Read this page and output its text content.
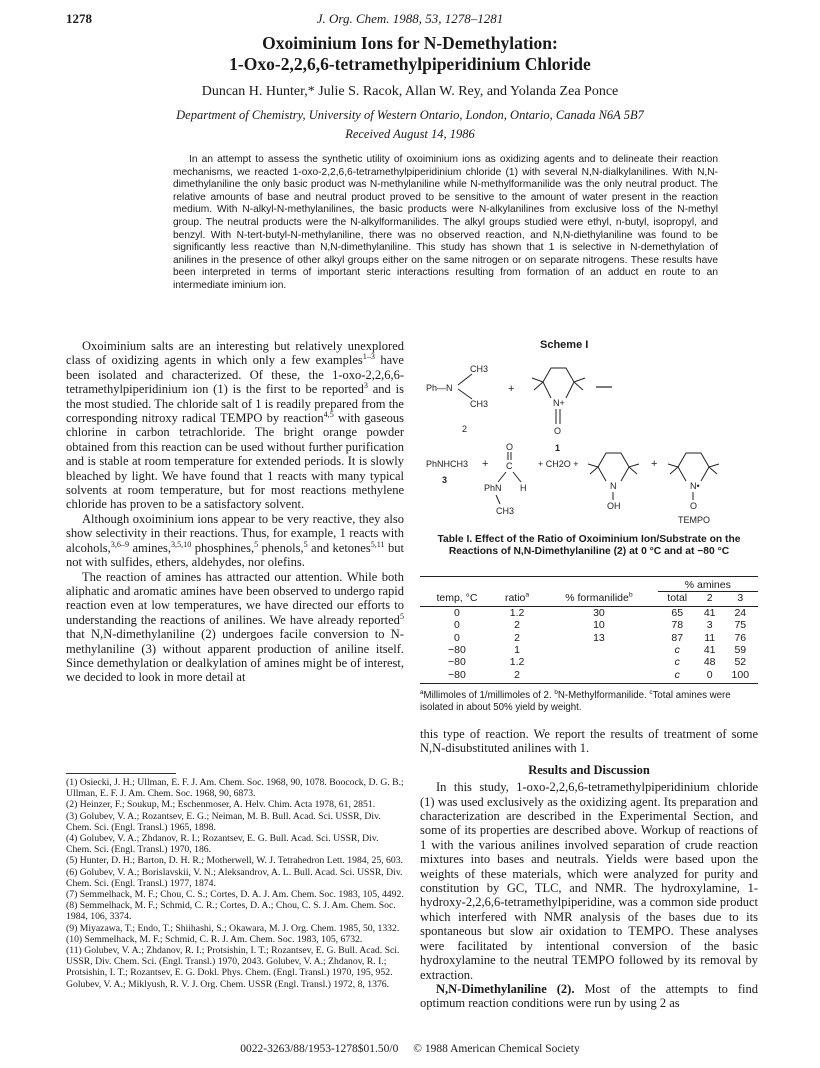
1278	J. Org. Chem. 1988, 53, 1278–1281
Oxoiminium Ions for N-Demethylation:
1-Oxo-2,2,6,6-tetramethylpiperidinium Chloride
Duncan H. Hunter,* Julie S. Racok, Allan W. Rey, and Yolanda Zea Ponce
Department of Chemistry, University of Western Ontario, London, Ontario, Canada N6A 5B7
Received August 14, 1986

In an attempt to assess the synthetic utility of oxoiminium ions as oxidizing agents and to delineate their reaction mechanisms, we reacted 1-oxo-2,2,6,6-tetramethylpiperidinium chloride (1) with several N,N-dialkylanilines. With N,N-dimethylaniline the only basic product was N-methylaniline while N-methylformanilide was the only neutral product. The relative amounts of base and neutral product proved to be sensitive to the amount of water present in the reaction medium. With N-alkyl-N-methylanilines, the basic products were N-alkylanilines from exclusive loss of the N-methyl group. The neutral products were the N-alkylformanilides. The alkyl groups studied were ethyl, n-butyl, isopropyl, and benzyl. With N-tert-butyl-N-methylaniline, there was no observed reaction, and N,N-diethylaniline was found to be significantly less reactive than N,N-dimethylaniline. This study has shown that 1 is selective in N-demethylation of anilines in the presence of other alkyl groups either on the same nitrogen or on separate nitrogens. These results have been interpreted in terms of important steric interactions resulting from formation of an adduct en route to an intermediate iminium ion.

Oxoiminium salts are an interesting but relatively unexplored class of oxidizing agents in which only a few examples$^{1-3}$ have been isolated and characterized. Of these, the 1-oxo-2,2,6,6-tetramethylpiperidinium ion (1) is the first to be reported$^3$ and is the most studied. The chloride salt of 1 is readily prepared from the corresponding nitroxy radical TEMPO by reaction$^{4,5}$ with gaseous chlorine in carbon tetrachloride. The bright orange powder obtained from this reaction can be used without further purification and is stable at room temperature for extended periods. It is slowly bleached by light. We have found that 1 reacts with many typical solvents at room temperature, but for most reactions methylene chloride has proven to be a satisfactory solvent.

Although oxoiminium ions appear to be very reactive, they also show selectivity in their reactions. Thus, for example, 1 reacts with alcohols,$^{3,6-9}$ amines,$^{3,5,10}$ phosphines,$^5$ phenols,$^5$ and ketones$^{5,11}$ but not with sulfides, ethers, aldehydes, nor olefins.

The reaction of amines has attracted our attention. While both aliphatic and aromatic amines have been observed to undergo rapid reaction even at low temperatures, we have directed our efforts to understanding the reactions of anilines. We have already reported$^5$ that N,N-dimethylaniline (2) undergoes facile conversion to N-methylaniline (3) without apparent production of aniline itself. Since demethylation or dealkylation of amines might be of interest, we decided to look in more detail at

(1) Osiecki, J. H.; Ullman, E. F. J. Am. Chem. Soc. 1968, 90, 1078. Boocock, D. G. B.; Ullman, E. F. J. Am. Chem. Soc. 1968, 90, 6873.
(2) Heinzer, F.; Soukup, M.; Eschenmoser, A. Helv. Chim. Acta 1978, 61, 2851.
(3) Golubev, V. A.; Rozantsev, E. G.; Neiman, M. B. Bull. Acad. Sci. USSR, Div. Chem. Sci. (Engl. Transl.) 1965, 1898.
(4) Golubev, V. A.; Zhdanov, R. I.; Rozantsev, E. G. Bull. Acad. Sci. USSR, Div. Chem. Sci. (Engl. Transl.) 1970, 186.
(5) Hunter, D. H.; Barton, D. H. R.; Motherwell, W. J. Tetrahedron Lett. 1984, 25, 603.
(6) Golubev, V. A.; Borislavskii, V. N.; Aleksandrov, A. L. Bull. Acad. Sci. USSR, Div. Chem. Sci. (Engl. Transl.) 1977, 1874.
(7) Semmelhack, M. F.; Chou, C. S.; Cortes, D. A. J. Am. Chem. Soc. 1983, 105, 4492.
(8) Semmelhack, M. F.; Schmid, C. R.; Cortes, D. A.; Chou, C. S. J. Am. Chem. Soc. 1984, 106, 3374.
(9) Miyazawa, T.; Endo, T.; Shiihashi, S.; Okawara, M. J. Org. Chem. 1985, 50, 1332.
(10) Semmelhack, M. F.; Schmid, C. R. J. Am. Chem. Soc. 1983, 105, 6732.
(11) Golubev, V. A.; Zhdanov, R. I.; Protsishin, I. T.; Rozantsev, E. G. Bull. Acad. Sci. USSR, Div. Chem. Sci. (Engl. Transl.) 1970, 2043. Golubev, V. A.; Zhdanov, R. I.; Protsishin, I. T.; Rozantsev, E. G. Dokl. Phys. Chem. (Engl. Transl.) 1970, 195, 952. Golubev, V. A.; Miklyush, R. V. J. Org. Chem. USSR (Engl. Transl.) 1972, 8, 1376.
Scheme I
Ph—N
CH3
CH3
2
+
N+
O
1
PhNHCH3
3
+
O
C
PhN H
CH3
+ CH2O +
N
OH
+
N•
O
TEMPO
Table I. Effect of the Ratio of Oxoiminium Ion/Substrate on the Reactions of N,N-Dimethylaniline (2) at 0 °C and at −80 °C
			% amines		
temp, °C	ratio$^a$	% formanilide$^b$	total	2	3
0	1.2	30	65	41	24
0	2	10	78	3	75
0	2	13	87	11	76
−80	1		c	41	59
−80	1.2		c	48	52
−80	2		c	0	100
$^a$Millimoles of 1/millimoles of 2. $^b$N-Methylformanilide. $^c$Total amines were isolated in about 50% yield by weight.

this type of reaction. We report the results of treatment of some N,N-disubstituted anilines with 1.

Results and Discussion

In this study, 1-oxo-2,2,6,6-tetramethylpiperidinium chloride (1) was used exclusively as the oxidizing agent. Its preparation and characterization are described in the Experimental Section, and some of its properties are described above. Workup of reactions of 1 with the various anilines involved separation of crude reaction mixtures into bases and neutrals. Yields were based upon the weights of these materials, which were analyzed for purity and constitution by GC, TLC, and NMR. The hydroxylamine, 1-hydroxy-2,2,6,6-tetramethylpiperidine, was a common side product which interfered with NMR analysis of the bases due to its spontaneous but slow air oxidation to TEMPO. These analyses were facilitated by intentional conversion of the basic hydroxylamine to the neutral TEMPO followed by its removal by extraction.

N,N-Dimethylaniline (2). Most of the attempts to find optimum reaction conditions were run by using 2 as

0022-3263/88/1953-1278$01.50/0 © 1988 American Chemical Society
